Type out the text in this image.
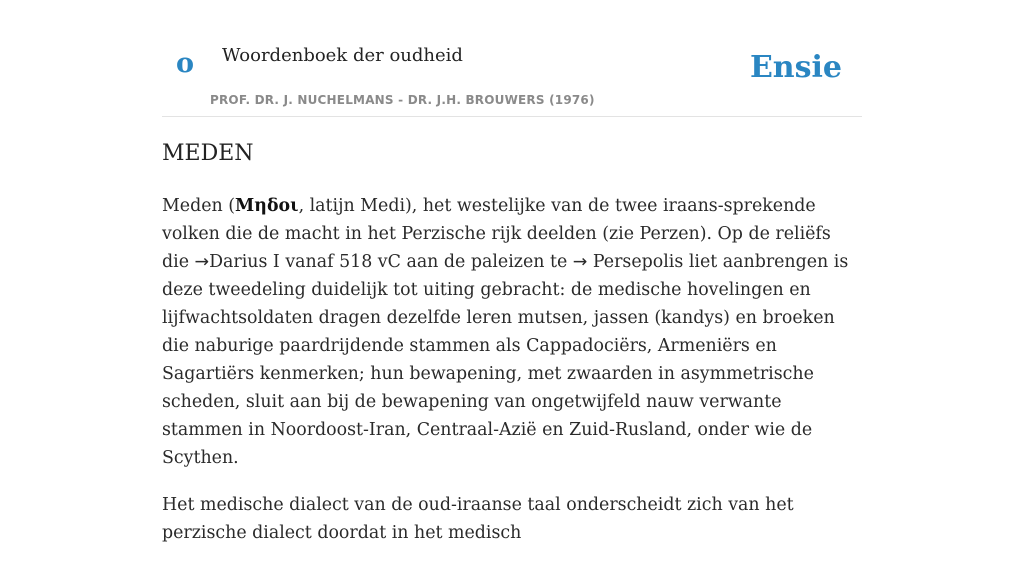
o Woordenboek der oudheid
PROF. DR. J. NUCHELMANS - DR. J.H. BROUWERS (1976)
Ensie
MEDEN

Meden (Μηδοι, latijn Medi), het westelijke van de twee iraans-sprekende volken die de macht in het Perzische rijk deelden (zie Perzen). Op de reliëfs die →Darius I vanaf 518 vC aan de paleizen te → Persepolis liet aanbrengen is deze tweedeling duidelijk tot uiting gebracht: de medische hovelingen en lijfwachtsoldaten dragen dezelfde leren mutsen, jassen (kandys) en broeken die naburige paardrijdende stammen als Cappadociërs, Armeniërs en Sagartiërs kenmerken; hun bewapening, met zwaarden in asymmetrische scheden, sluit aan bij de bewapening van ongetwijfeld nauw verwante stammen in Noordoost-Iran, Centraal-Azië en Zuid-Rusland, onder wie de Scythen.

Het medische dialect van de oud-iraanse taal onderscheidt zich van het perzische dialect doordat in het medisch
